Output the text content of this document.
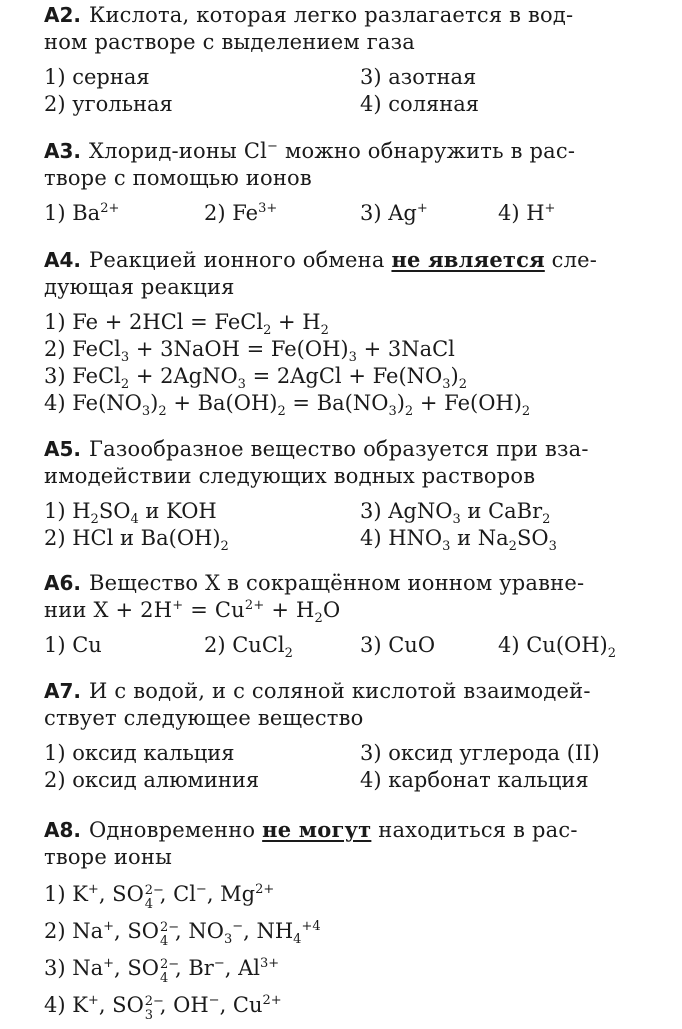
А2. Кислота, которая легко разлагается в вод-
ном растворе с выделением газа
1) серная	3) азотная
2) угольная	4) соляная
А3. Хлорид-ионы Cl− можно обнаружить в рас-
творе с помощью ионов
1) $Ba^{2+}$	2) $Fe^{3+}$	3) Ag+	4) H+
А4. Реакцией ионного обмена не является сле-
дующая реакция
1) Fe + 2HCl = FeCl$_2$ + $H_2$
2) FeCl$_3$ + 3NaOH = $Fe(OH)_3$ + 3NaCl
3) FeCl$_2$ + 2AgNO$_3$ = 2AgCl + $Fe(NO_3)_2$
4) $Fe(NO_3)_2 + Ba(OH)_2 = Ba(NO_3)_2 + Fe(OH)_2$
А5. Газообразное вещество образуется при вза-
имодействии следующих водных растворов
1) $H_2SO_4$ и KOH	3) AgNO$_3$ и CaBr$_2$
2) HCl и $Ba(OH)_2$	4) $HNO_3$ и $Na_2SO_3$
А6. Вещество X в сокращённом ионном уравне-
нии $X + 2H^+ = Cu^{2+} + H_2O$
1) Cu	2) CuCl$_2$	3) CuO	4) $Cu(OH)_2$
А7. И с водой, и с соляной кислотой взаимодей-
ствует следующее вещество
1) оксид кальция	3) оксид углерода (II)
2) оксид алюминия	4) карбонат кальция
А8. Одновременно не могут находиться в рас-
творе ионы
1) K+, SO 2−
4 , Cl−, $Mg^{2+}$
2) Na+, SO 2−
4 , $NO_3^-$, $NH_4^{+4}$
3) Na+, SO 2−
4 , Br−, $Al^{3+}$
4) K+, SO 2−
3 , OH−, $Cu^{2+}$
